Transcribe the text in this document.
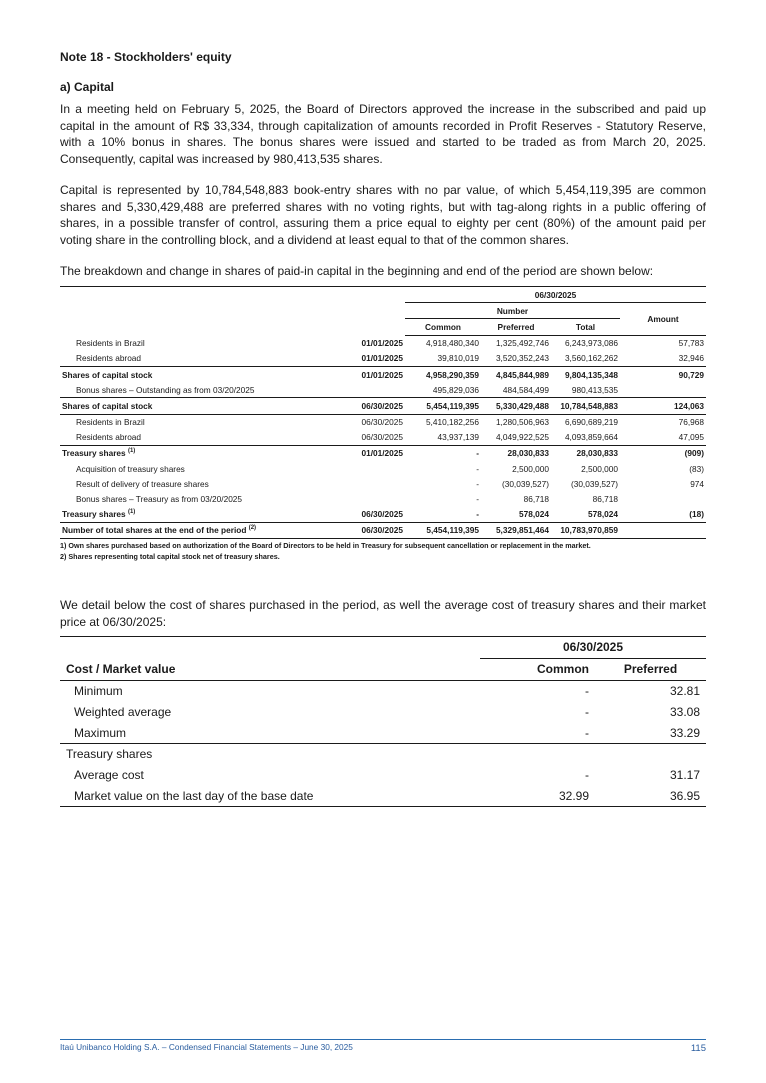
Note 18 - Stockholders' equity
a) Capital
In a meeting held on February 5, 2025, the Board of Directors approved the increase in the subscribed and paid up capital in the amount of R$ 33,334, through capitalization of amounts recorded in Profit Reserves - Statutory Reserve, with a 10% bonus in shares. The bonus shares were issued and started to be traded as from March 20, 2025. Consequently, capital was increased by 980,413,535 shares.
Capital is represented by 10,784,548,883 book-entry shares with no par value, of which 5,454,119,395 are common shares and 5,330,429,488 are preferred shares with no voting rights, but with tag-along rights in a public offering of shares, in a possible transfer of control, assuring them a price equal to eighty per cent (80%) of the amount paid per voting share in the controlling block, and a dividend at least equal to that of the common shares.
The breakdown and change in shares of paid-in capital in the beginning and end of the period are shown below:
		06/30/2025			
		Number			Amount
		Common	Preferred	Total	
Residents in Brazil	01/01/2025	4,918,480,340	1,325,492,746	6,243,973,086	57,783
Residents abroad	01/01/2025	39,810,019	3,520,352,243	3,560,162,262	32,946
Shares of capital stock	01/01/2025	4,958,290,359	4,845,844,989	9,804,135,348	90,729
Bonus shares – Outstanding as from 03/20/2025		495,829,036	484,584,499	980,413,535	
Shares of capital stock	06/30/2025	5,454,119,395	5,330,429,488	10,784,548,883	124,063
Residents in Brazil	06/30/2025	5,410,182,256	1,280,506,963	6,690,689,219	76,968
Residents abroad	06/30/2025	43,937,139	4,049,922,525	4,093,859,664	47,095
Treasury shares $^{(1)}$	01/01/2025	-	28,030,833	28,030,833	(909)
Acquisition of treasury shares		-	2,500,000	2,500,000	(83)
Result of delivery of treasure shares		-	(30,039,527)	(30,039,527)	974
Bonus shares – Treasury as from 03/20/2025		-	86,718	86,718	
Treasury shares $^{(1)}$	06/30/2025	-	578,024	578,024	(18)
Number of total shares at the end of the period $^{(2)}$	06/30/2025	5,454,119,395	5,329,851,464	10,783,970,859	
1) Own shares purchased based on authorization of the Board of Directors to be held in Treasury for subsequent cancellation or replacement in the market.
2) Shares representing total capital stock net of treasury shares.
We detail below the cost of shares purchased in the period, as well the average cost of treasury shares and their market price at 06/30/2025:
	06/30/2025	
Cost / Market value	Common	Preferred
Minimum	-	32.81
Weighted average	-	33.08
Maximum	-	33.29
Treasury shares		
Average cost	-	31.17
Market value on the last day of the base date	32.99	36.95
Itaú Unibanco Holding S.A. – Condensed Financial Statements – June 30, 2025	115
